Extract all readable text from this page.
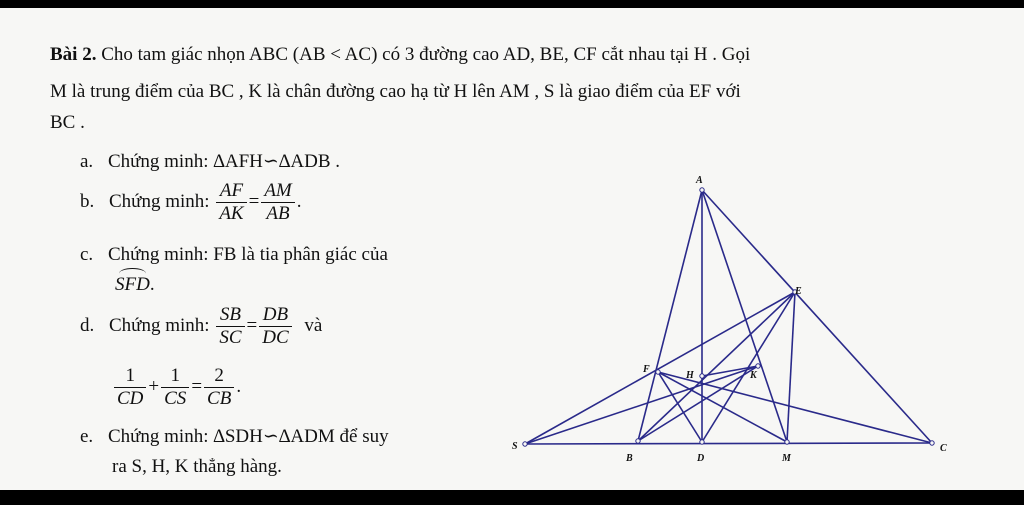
Bài 2. Cho tam giác nhọn ABC (AB < AC) có 3 đường cao AD, BE, CF cắt nhau tại H . Gọi
M là trung điểm của BC , K là chân đường cao hạ từ H lên AM , S là giao điểm của EF với
BC .
a. Chứng minh: ∆AFH∽∆ADB .
b. Chứng minh: $\frac{AF}{AK} = \frac{AM}{AB}$ .
c. Chứng minh: FB là tia phân giác của
SFD.
d. Chứng minh: $\frac{SB}{SC} = \frac{DB}{DC}$ và
$\frac{1}{CD} + \frac{1}{CS} = \frac{2}{CB}$ .
e. Chứng minh: ∆SDH∽∆ADM để suy
ra S, H, K thẳng hàng.
A
B
C
D
E
F
H	K
M
S
